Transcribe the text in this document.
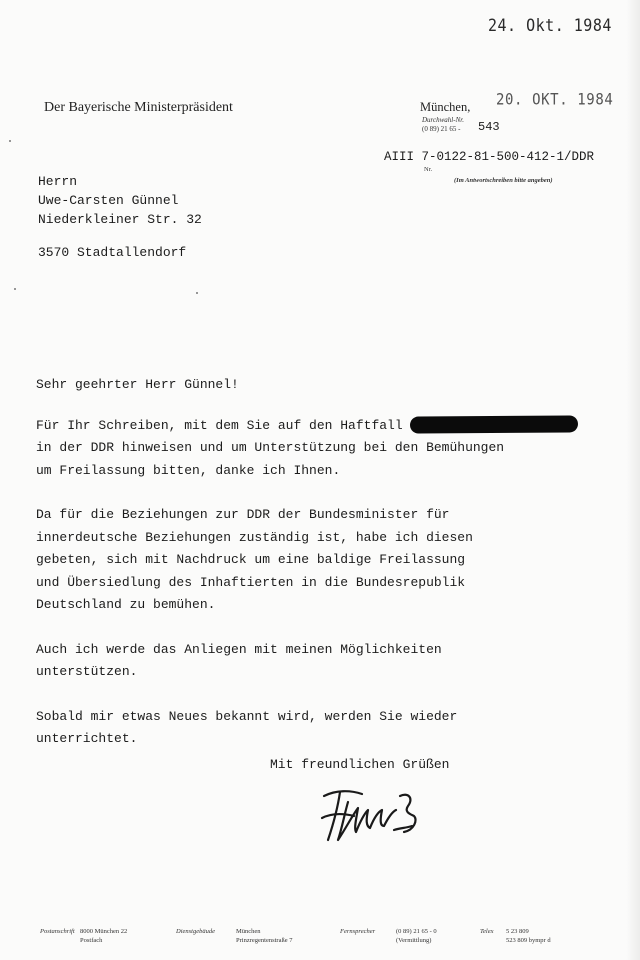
24. Okt. 1984
Der Bayerische Ministerpräsident	München, 20. OKT. 1984
Durchwahl-Nr.
(0 89) 21 65 - 543
AIII 7-0122-81-500-412-1/DDR
Nr.
(Im Antwortschreiben bitte angeben)
Herrn
Uwe-Carsten Günnel
Niederkleiner Str. 32
3570 Stadtallendorf

Sehr geehrter Herr Günnel!

Für Ihr Schreiben, mit dem Sie auf den Haftfall
in der DDR hinweisen und um Unterstützung bei den Bemühungen
um Freilassung bitten, danke ich Ihnen.

Da für die Beziehungen zur DDR der Bundesminister für
innerdeutsche Beziehungen zuständig ist, habe ich diesen
gebeten, sich mit Nachdruck um eine baldige Freilassung
und Übersiedlung des Inhaftierten in die Bundesrepublik
Deutschland zu bemühen.

Auch ich werde das Anliegen mit meinen Möglichkeiten
unterstützen.

Sobald mir etwas Neues bekannt wird, werden Sie wieder
unterrichtet.

Mit freundlichen Grüßen
Postanschrift 8000 München 22
Postfach
Dienstgebäude	München
Prinzregentenstraße 7
Fernsprecher	(0 89) 21 65 - 0
(Vermittlung)
Telex 5 23 809
523 809 bympr d
